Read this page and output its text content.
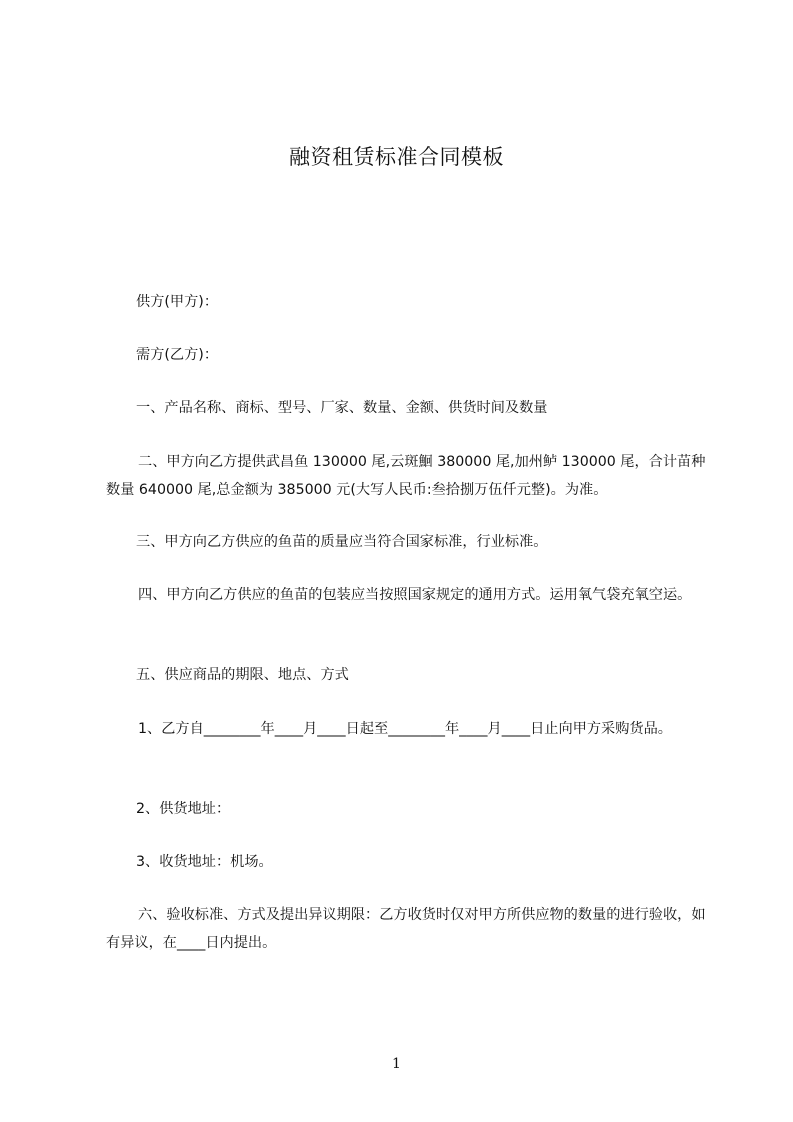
融资租赁标准合同模板
供方(甲方)：
需方(乙方)：
一、产品名称、商标、型号、厂家、数量、金额、供货时间及数量
二、甲方向乙方提供武昌鱼 130000 尾,云斑鮰 380000 尾,加州鲈 130000 尾，合计苗种数量 640000 尾,总金额为 385000 元(大写人民币:叁拾捌万伍仟元整)。为准。
三、甲方向乙方供应的鱼苗的质量应当符合国家标准，行业标准。
四、甲方向乙方供应的鱼苗的包装应当按照国家规定的通用方式。运用氧气袋充氧空运。
五、供应商品的期限、地点、方式
1、乙方自________年____月____日起至________年____月____日止向甲方采购货品。
2、供货地址：
3、收货地址：机场。
六、验收标准、方式及提出异议期限：乙方收货时仅对甲方所供应物的数量的进行验收，如有异议，在____日内提出。
1
